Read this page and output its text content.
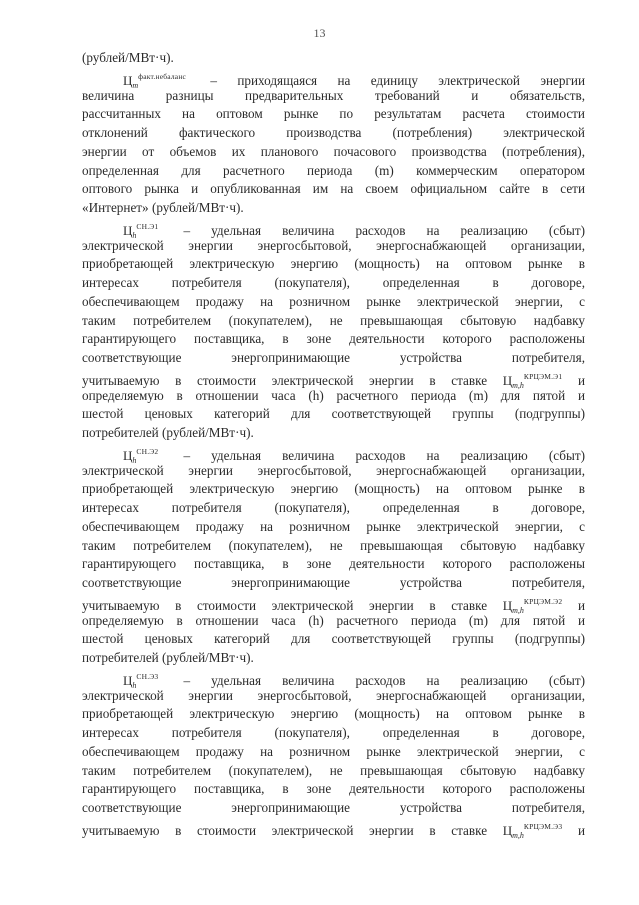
13
(рублей/МВт·ч).
$Ц_m^{факт.небаланс}$ – приходящаяся на единицу электрической энергии
величина разницы предварительных требований и обязательств,
рассчитанных на оптовом рынке по результатам расчета стоимости
отклонений фактического производства (потребления) электрической
энергии от объемов их планового почасового производства (потребления),
определенная для расчетного периода (m) коммерческим оператором
оптового рынка и опубликованная им на своем официальном сайте в сети
«Интернет» (рублей/МВт·ч).
$Ц_h^{СН.Э1}$ – удельная величина расходов на реализацию (сбыт)
электрической энергии энергосбытовой, энергоснабжающей организации,
приобретающей электрическую энергию (мощность) на оптовом рынке в
интересах потребителя (покупателя), определенная в договоре,
обеспечивающем продажу на розничном рынке электрической энергии, с
таким потребителем (покупателем), не превышающая сбытовую надбавку
гарантирующего поставщика, в зоне деятельности которого расположены
соответствующие энергопринимающие устройства потребителя,
учитываемую в стоимости электрической энергии в ставке $Ц_{m,h}^{КРЦЭМ.Э1}$ и
определяемую в отношении часа (h) расчетного периода (m) для пятой и
шестой ценовых категорий для соответствующей группы (подгруппы)
потребителей (рублей/МВт·ч).
$Ц_h^{СН.Э2}$ – удельная величина расходов на реализацию (сбыт)
электрической энергии энергосбытовой, энергоснабжающей организации,
приобретающей электрическую энергию (мощность) на оптовом рынке в
интересах потребителя (покупателя), определенная в договоре,
обеспечивающем продажу на розничном рынке электрической энергии, с
таким потребителем (покупателем), не превышающая сбытовую надбавку
гарантирующего поставщика, в зоне деятельности которого расположены
соответствующие энергопринимающие устройства потребителя,
учитываемую в стоимости электрической энергии в ставке $Ц_{m,h}^{КРЦЭМ.Э2}$ и
определяемую в отношении часа (h) расчетного периода (m) для пятой и
шестой ценовых категорий для соответствующей группы (подгруппы)
потребителей (рублей/МВт·ч).
$Ц_h^{СН.Э3}$ – удельная величина расходов на реализацию (сбыт)
электрической энергии энергосбытовой, энергоснабжающей организации,
приобретающей электрическую энергию (мощность) на оптовом рынке в
интересах потребителя (покупателя), определенная в договоре,
обеспечивающем продажу на розничном рынке электрической энергии, с
таким потребителем (покупателем), не превышающая сбытовую надбавку
гарантирующего поставщика, в зоне деятельности которого расположены
соответствующие энергопринимающие устройства потребителя,
учитываемую в стоимости электрической энергии в ставке $Ц_{m,h}^{КРЦЭМ.Э3}$ и
